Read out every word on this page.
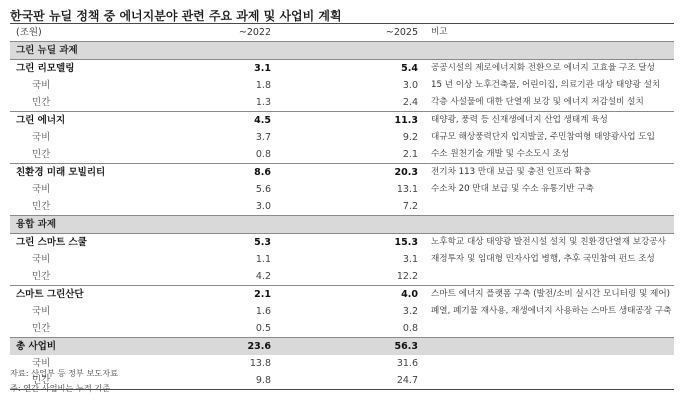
한국판 뉴딜 정책 중 에너지분야 관련 주요 과제 및 사업비 계획
(조원)	~2022	~2025	비고
그린 뉴딜 과제			
그린 리모델링	3.1	5.4	공공시설의 제로에너지화 전환으로 에너지 고효율 구조 달성
국비	1.8	3.0	15 년 이상 노후건축물, 어린이집, 의료기관 대상 태양광 설치
민간	1.3	2.4	각층 사설물에 대한 단열재 보강 및 에너지 저감설비 설치
그린 에너지	4.5	11.3	태양광, 풍력 등 신재생에너지 산업 생태계 육성
국비	3.7	9.2	대규모 해상풍력단지 입지발굴, 주민참여형 태양광사업 도입
민간	0.8	2.1	수소 원천기술 개발 및 수소도시 조성
친환경 미래 모빌리티	8.6	20.3	전기차 113 만대 보급 및 충전 인프라 확충
국비	5.6	13.1	수소차 20 만대 보급 및 수소 유통기반 구축
민간	3.0	7.2	
융합 과제			
그린 스마트 스쿨	5.3	15.3	노후학교 대상 태양광 발전시설 설치 및 친환경단열재 보강공사
국비	1.1	3.1	재정투자 및 임대형 민자사업 병행, 추후 국민참여 펀드 조성
민간	4.2	12.2	
스마트 그린산단	2.1	4.0	스마트 에너지 플랫폼 구축 (발전/소비 실시간 모니터링 및 제어)
국비	1.6	3.2	폐열, 폐기물 재사용, 재생에너지 사용하는 스마트 생태공장 구축
민간	0.5	0.8	
총 사업비	23.6	56.3	
국비	13.8	31.6	
민간	9.8	24.7	
자료: 산업부 등 정부 보도자료
주: 연간 사업비는 누적 기준
